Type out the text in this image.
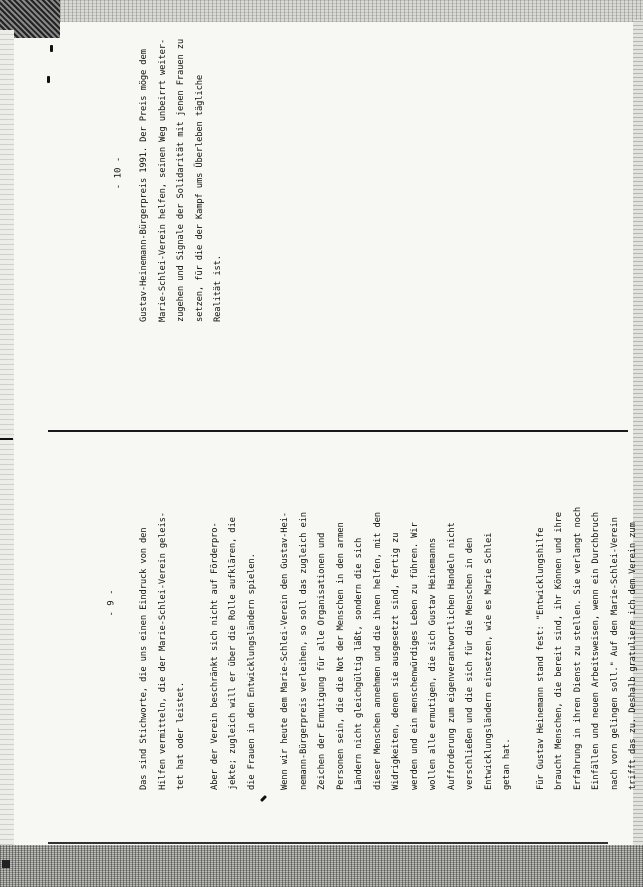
- 9 -
- 10 -
Das sind Stichworte, die uns einen Eindruck von den Hilfen vermitteln, die der Marie-Schlei-Verein geleis- tet hat oder leistet.	Aber der Verein beschränkt sich nicht auf Förderpro- jekte; zugleich will er über die Rolle aufklären, die die Frauen in den Entwicklungsländern spielen.	Wenn wir heute dem Marie-Schlei-Verein den Gustav-Hei- nemann-Bürgerpreis verleihen, so soll das zugleich ein Zeichen der Ermutigung für alle Organisationen und Personen sein, die die Not der Menschen in den armen Ländern nicht gleichgültig läßt, sondern die sich dieser Menschen annehmen und die ihnen helfen, mit den Widrigkeiten, denen sie ausgesetzt sind, fertig zu werden und ein menschenwürdiges Leben zu führen. Wir wollen alle ermutigen, die sich Gustav Heinemanns Aufforderung zum eigenverantwortlichen Handeln nicht verschließen und die sich für die Menschen in den Entwicklungsländern einsetzen, wie es Marie Schlei getan hat.	Für Gustav Heinemann stand fest: "Entwicklungshilfe braucht Menschen, die bereit sind, ihr Können und ihre Erfahrung in ihren Dienst zu stellen. Sie verlangt noch Einfällen und neuen Arbeitsweisen, wenn ein Durchbruch nach vorn gelingen soll." Auf den Marie-Schlei-Verein trifft das zu. Deshalb gratuliere ich dem Verein zum
Gustav-Heinemann-Bürgerpreis 1991. Der Preis möge dem Marie-Schlei-Verein helfen, seinen Weg unbeirrt weiter- zugehen und Signale der Solidarität mit jenen Frauen zu setzen, für die der Kampf ums Überleben tägliche Realität ist.
